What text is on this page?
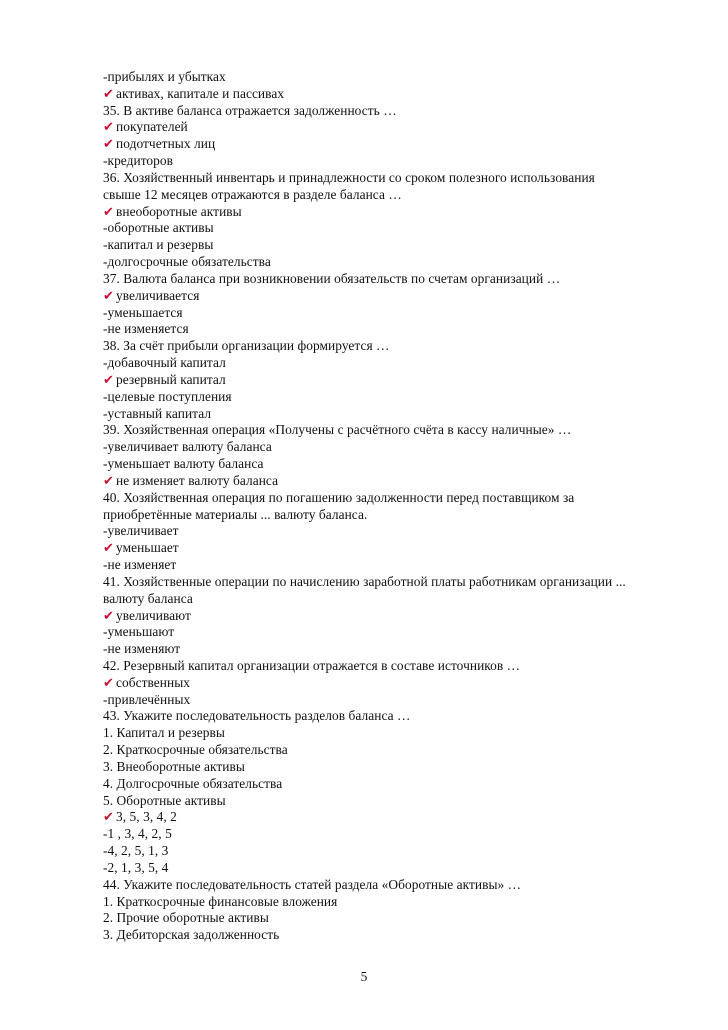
-прибылях и убытках
✔ активах, капитале и пассивах
35. В активе баланса отражается задолженность …
✔ покупателей
✔ подотчетных лиц
-кредиторов
36. Хозяйственный инвентарь и принадлежности со сроком полезного использования
свыше 12 месяцев отражаются в разделе баланса …
✔ внеоборотные активы
-оборотные активы
-капитал и резервы
-долгосрочные обязательства
37. Валюта баланса при возникновении обязательств по счетам организаций …
✔ увеличивается
-уменьшается
-не изменяется
38. За счёт прибыли организации формируется …
-добавочный капитал
✔ резервный капитал
-целевые поступления
-уставный капитал
39. Хозяйственная операция «Получены с расчётного счёта в кассу наличные» …
-увеличивает валюту баланса
-уменьшает валюту баланса
✔ не изменяет валюту баланса
40. Хозяйственная операция по погашению задолженности перед поставщиком за
приобретённые материалы ... валюту баланса.
-увеличивает
✔ уменьшает
-не изменяет
41. Хозяйственные операции по начислению заработной платы работникам организации ...
валюту баланса
✔ увеличивают
-уменьшают
-не изменяют
42. Резервный капитал организации отражается в составе источников …
✔ собственных
-привлечённых
43. Укажите последовательность разделов баланса …
1. Капитал и резервы
2. Краткосрочные обязательства
3. Внеоборотные активы
4. Долгосрочные обязательства
5. Оборотные активы
✔ 3, 5, 3, 4, 2
-1 , 3, 4, 2, 5
-4, 2, 5, 1, 3
-2, 1, 3, 5, 4
44. Укажите последовательность статей раздела «Оборотные активы» …
1. Краткосрочные финансовые вложения
2. Прочие оборотные активы
3. Дебиторская задолженность
5
